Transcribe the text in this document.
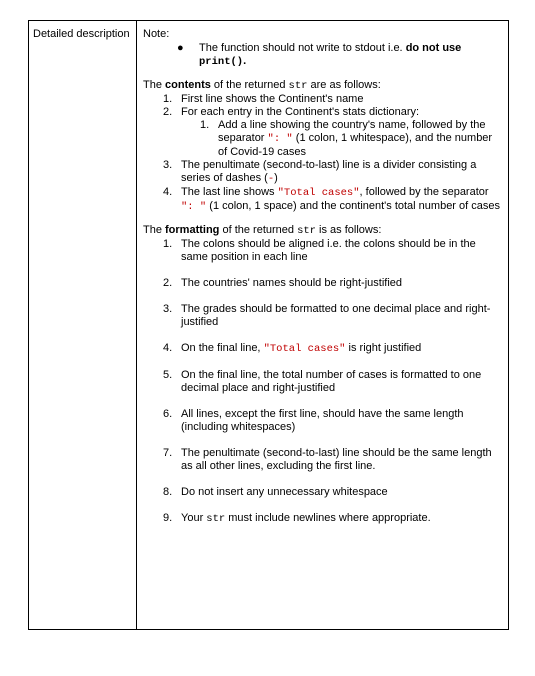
Detailed description	Note:

● The function should not write to stdout i.e. do not use
print().

The contents of the returned str are as follows:

1. First line shows the Continent's name
2. For each entry in the Continent's stats dictionary:
1. Add a line showing the country's name, followed by the separator ": " (1 colon, 1 whitespace), and the number of Covid-19 cases
3. The penultimate (second-to-last) line is a divider consisting a series of dashes (-)
4. The last line shows "Total cases", followed by the separator ": " (1 colon, 1 space) and the continent's total number of cases

The formatting of the returned str is as follows:

1. The colons should be aligned i.e. the colons should be in the same position in each line
2. The countries' names should be right-justified
3. The grades should be formatted to one decimal place and right-justified
4. On the final line, "Total cases" is right justified
5. On the final line, the total number of cases is formatted to one decimal place and right-justified
6. All lines, except the first line, should have the same length (including whitespaces)
7. The penultimate (second-to-last) line should be the same length as all other lines, excluding the first line.
8. Do not insert any unnecessary whitespace
9. Your str must include newlines where appropriate.
